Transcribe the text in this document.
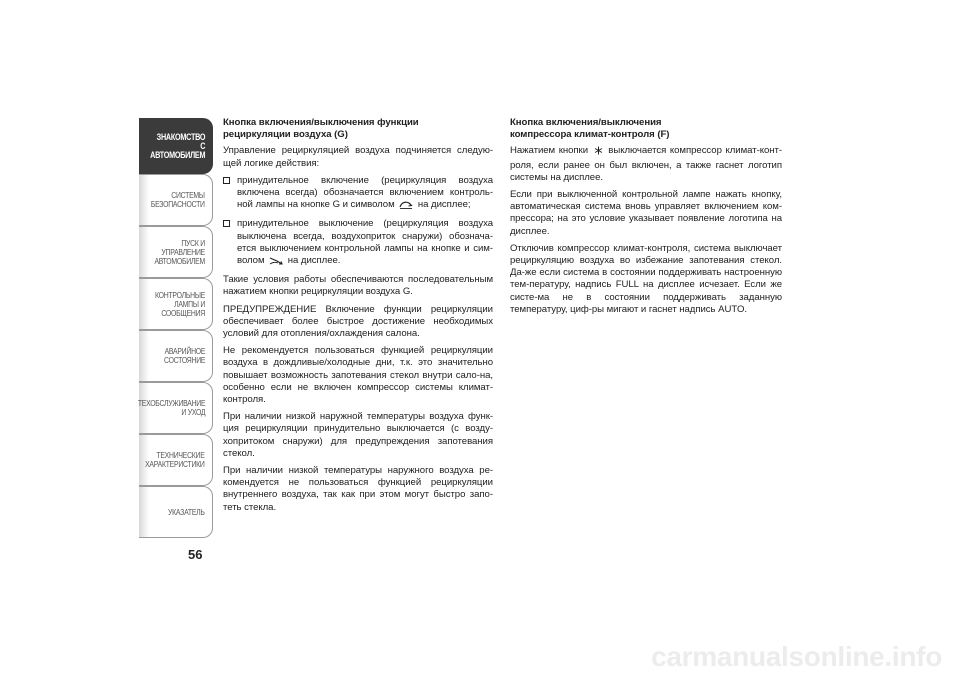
ЗНАКОМСТВО С
АВТОМОБИЛЕМ
СИСТЕМЫ
БЕЗОПАСНОСТИ
ПУСК И УПРАВЛЕНИЕ
АВТОМОБИЛЕМ
КОНТРОЛЬНЫЕ
ЛАМПЫ И
СООБЩЕНИЯ
АВАРИЙНОЕ
СОСТОЯНИЕ
ТЕХОБСЛУЖИВАНИЕ
И УХОД
ТЕХНИЧЕСКИЕ
ХАРАКТЕРИСТИКИ
УКАЗАТЕЛЬ
56
Кнопка включения/выключения функции
рециркуляции воздуха (G)

Управление рециркуляцией воздуха подчиняется следую-щей логике действия:

принудительное включение (рециркуляция воздуха включена всегда) обозначается включением контроль-ной лампы на кнопке G и символом на дисплее;
принудительное выключение (рециркуляция воздуха выключена всегда, воздухоприток снаружи) обознача-ется выключением контрольной лампы на кнопке и сим-волом на дисплее.

Такие условия работы обеспечиваются последовательным нажатием кнопки рециркуляции воздуха G.

ПРЕДУПРЕЖДЕНИЕ Включение функции рециркуляции обеспечивает более быстрое достижение необходимых условий для отопления/охлаждения салона.

Не рекомендуется пользоваться функцией рециркуляции воздуха в дождливые/холодные дни, т.к. это значительно повышает возможность запотевания стекол внутри сало-на, особенно если не включен компрессор системы климат-контроля.

При наличии низкой наружной температуры воздуха функ-ция рециркуляции принудительно выключается (с возду-хопритоком снаружи) для предупреждения запотевания стекол.

При наличии низкой температуры наружного воздуха ре-комендуется не пользоваться функцией рециркуляции внутреннего воздуха, так как при этом могут быстро запо-теть стекла.

Кнопка включения/выключения
компрессора климат-контроля (F)

Нажатием кнопки выключается компрессор климат-конт-роля, если ранее он был включен, а также гаснет логотип системы на дисплее.

Если при выключенной контрольной лампе нажать кнопку, автоматическая система вновь управляет включением ком-прессора; на это условие указывает появление логотипа на дисплее.

Отключив компрессор климат-контроля, система выключает рециркуляцию воздуха во избежание запотевания стекол. Да-же если система в состоянии поддерживать настроенную тем-пературу, надпись FULL на дисплее исчезает. Если же систе-ма не в состоянии поддерживать заданную температуру, циф-ры мигают и гаснет надпись AUTO.

carmanualsonline.info
